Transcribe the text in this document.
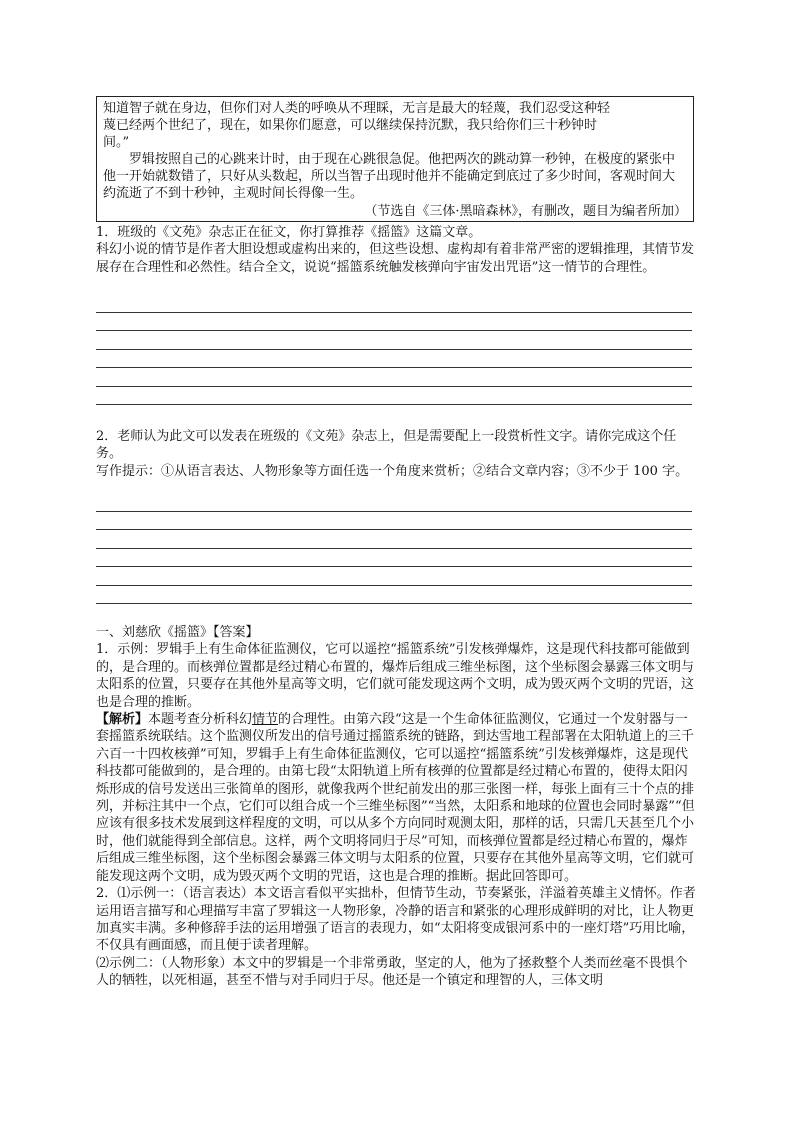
知道智子就在身边，但你们对人类的呼唤从不理睬，无言是最大的轻蔑，我们忍受这种轻

蔑已经两个世纪了，现在，如果你们愿意，可以继续保持沉默，我只给你们三十秒钟时

间。”

罗辑按照自己的心跳来计时，由于现在心跳很急促。他把两次的跳动算一秒钟，在极度的紧张中他一开始就数错了，只好从头数起，所以当智子出现时他并不能确定到底过了多少时间，客观时间大约流逝了不到十秒钟，主观时间长得像一生。

（节选自《三体·黑暗森林》，有删改，题目为编者所加）

1．班级的《文苑》杂志正在征文，你打算推荐《摇篮》这篇文章。

科幻小说的情节是作者大胆设想或虚构出来的，但这些设想、虚构却有着非常严密的逻辑推理，其情节发展存在合理性和必然性。结合全文，说说“摇篮系统触发核弹向宇宙发出咒语”这一情节的合理性。

2．老师认为此文可以发表在班级的《文苑》杂志上，但是需要配上一段赏析性文字。请你完成这个任务。

写作提示：①从语言表达、人物形象等方面任选一个角度来赏析；②结合文章内容；③不少于 100 字。

一、刘慈欣《摇篮》【答案】

1．示例：罗辑手上有生命体征监测仪，它可以遥控“摇篮系统”引发核弹爆炸，这是现代科技都可能做到的，是合理的。而核弹位置都是经过精心布置的，爆炸后组成三维坐标图，这个坐标图会暴露三体文明与太阳系的位置，只要存在其他外星高等文明，它们就可能发现这两个文明，成为毁灭两个文明的咒语，这也是合理的推断。

【解析】本题考查分析科幻情节的合理性。由第六段“这是一个生命体征监测仪，它通过一个发射器与一套摇篮系统联结。这个监测仪所发出的信号通过摇篮系统的链路，到达雪地工程部署在太阳轨道上的三千六百一十四枚核弹”可知，罗辑手上有生命体征监测仪，它可以遥控“摇篮系统”引发核弹爆炸，这是现代科技都可能做到的，是合理的。由第七段“太阳轨道上所有核弹的位置都是经过精心布置的，使得太阳闪烁形成的信号发送出三张简单的图形，就像我两个世纪前发出的那三张图一样，每张上面有三十个点的排列，并标注其中一个点，它们可以组合成一个三维坐标图”“当然，太阳系和地球的位置也会同时暴露”“但应该有很多技术发展到这样程度的文明，可以从多个方向同时观测太阳，那样的话，只需几天甚至几个小时，他们就能得到全部信息。这样，两个文明将同归于尽”可知，而核弹位置都是经过精心布置的，爆炸后组成三维坐标图，这个坐标图会暴露三体文明与太阳系的位置，只要存在其他外星高等文明，它们就可能发现这两个文明，成为毁灭两个文明的咒语，这也是合理的推断。据此回答即可。

2．⑴示例一：（语言表达）本文语言看似平实拙朴，但情节生动，节奏紧张，洋溢着英雄主义情怀。作者运用语言描写和心理描写丰富了罗辑这一人物形象，冷静的语言和紧张的心理形成鲜明的对比，让人物更加真实丰满。多种修辞手法的运用增强了语言的表现力，如“太阳将变成银河系中的一座灯塔”巧用比喻，不仅具有画面感，而且便于读者理解。

⑵示例二：（人物形象）本文中的罗辑是一个非常勇敢，坚定的人，他为了拯救整个人类而丝毫不畏惧个人的牺牲，以死相逼，甚至不惜与对手同归于尽。他还是一个镇定和理智的人，三体文明
